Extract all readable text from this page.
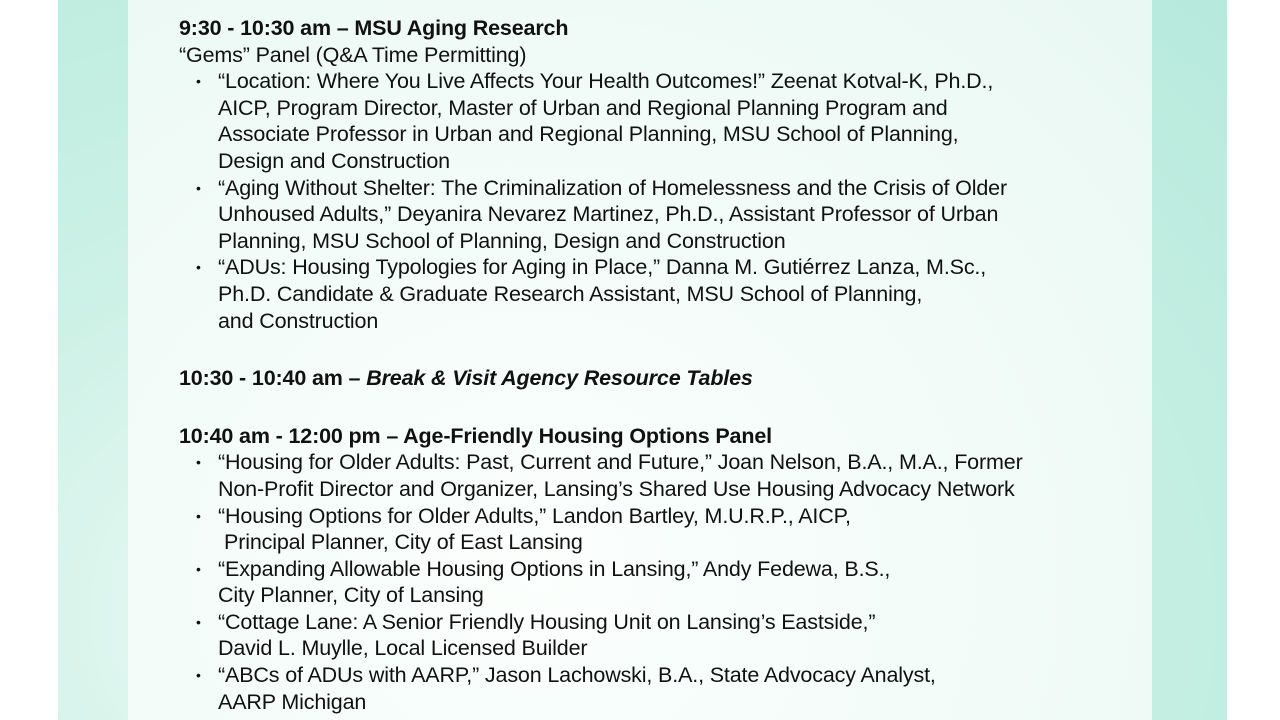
9:30 - 10:30 am – MSU Aging Research
“Gems” Panel (Q&A Time Permitting)
• “Location: Where You Live Affects Your Health Outcomes!” Zeenat Kotval-K, Ph.D.,
AICP, Program Director, Master of Urban and Regional Planning Program and
Associate Professor in Urban and Regional Planning, MSU School of Planning,
Design and Construction
• “Aging Without Shelter: The Criminalization of Homelessness and the Crisis of Older
Unhoused Adults,” Deyanira Nevarez Martinez, Ph.D., Assistant Professor of Urban
Planning, MSU School of Planning, Design and Construction
• “ADUs: Housing Typologies for Aging in Place,” Danna M. Gutiérrez Lanza, M.Sc.,
Ph.D. Candidate & Graduate Research Assistant, MSU School of Planning,
and Construction
10:30 - 10:40 am – Break & Visit Agency Resource Tables
10:40 am - 12:00 pm – Age-Friendly Housing Options Panel
• “Housing for Older Adults: Past, Current and Future,” Joan Nelson, B.A., M.A., Former
Non-Profit Director and Organizer, Lansing’s Shared Use Housing Advocacy Network
• “Housing Options for Older Adults,” Landon Bartley, M.U.R.P., AICP,
Principal Planner, City of East Lansing
• “Expanding Allowable Housing Options in Lansing,” Andy Fedewa, B.S.,
City Planner, City of Lansing
• “Cottage Lane: A Senior Friendly Housing Unit on Lansing’s Eastside,”
David L. Muylle, Local Licensed Builder
• “ABCs of ADUs with AARP,” Jason Lachowski, B.A., State Advocacy Analyst,
AARP Michigan
